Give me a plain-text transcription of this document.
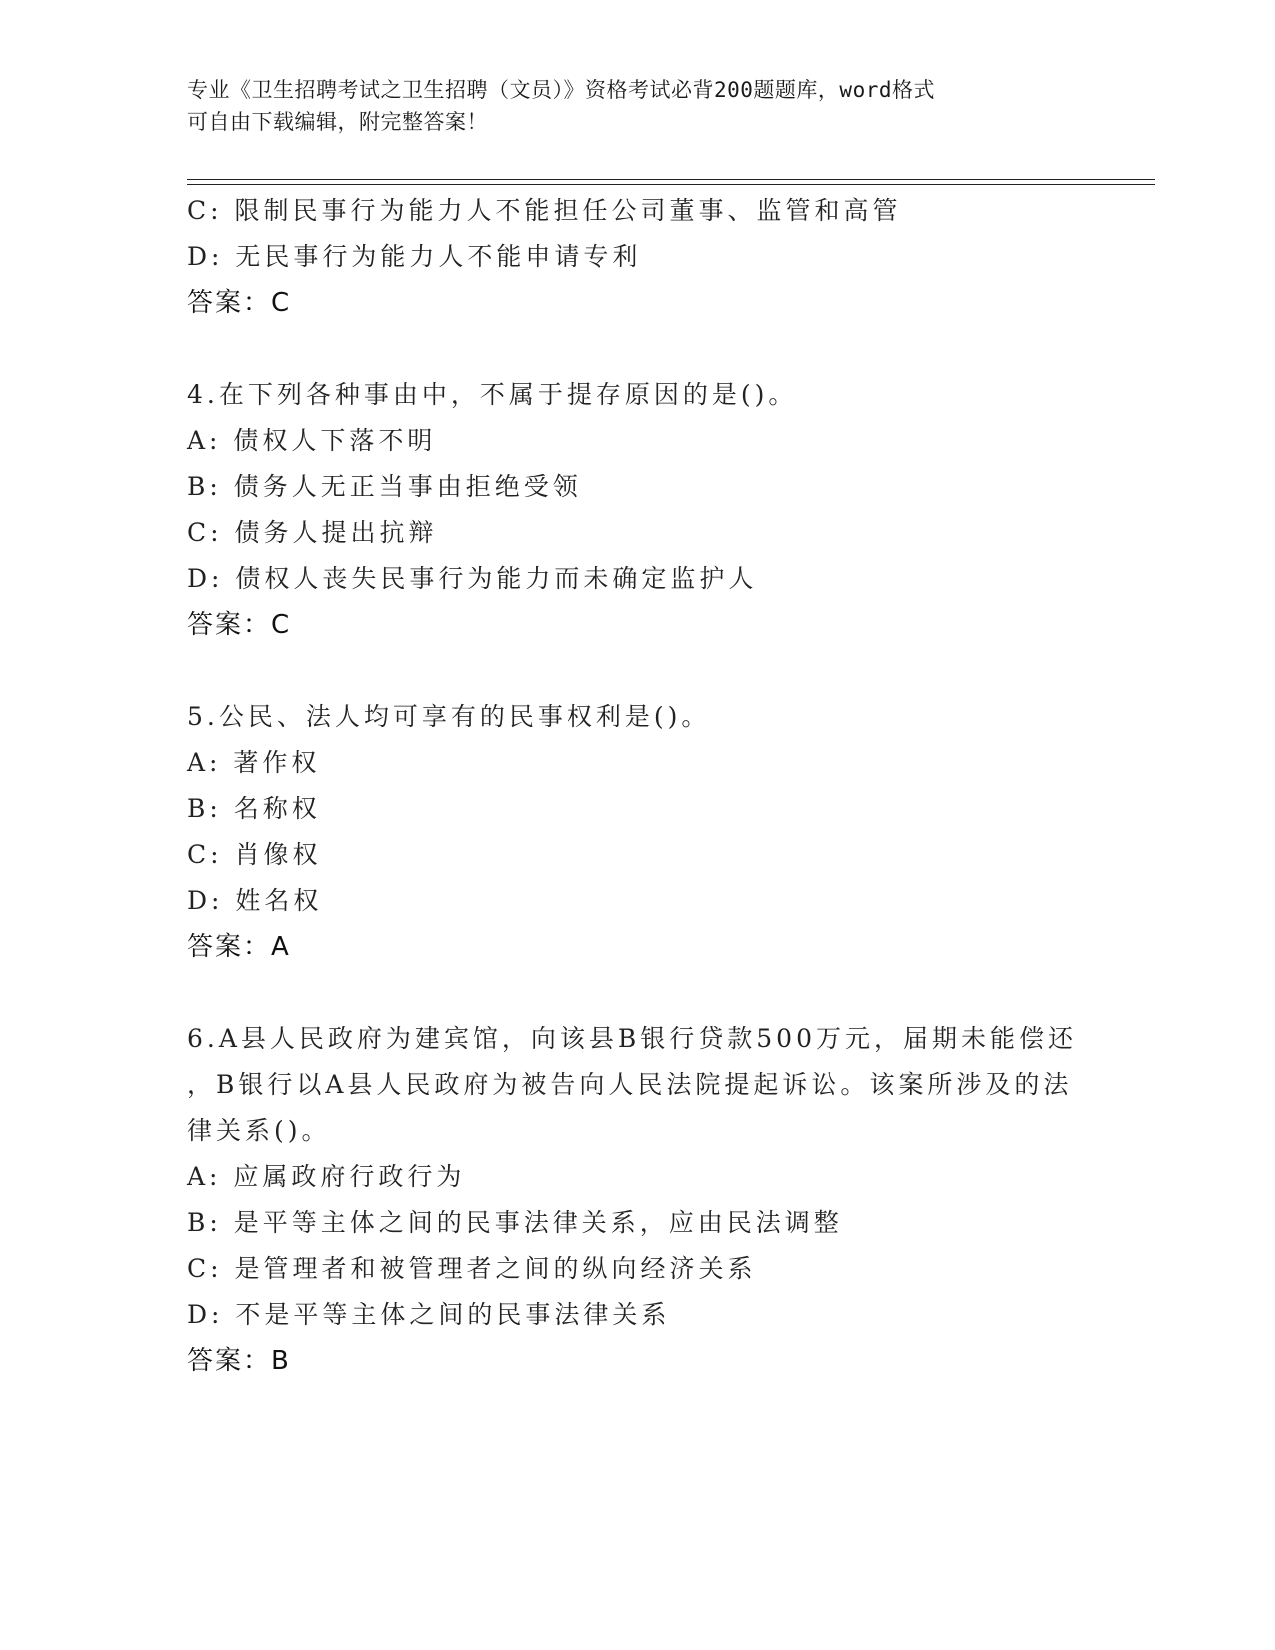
专业《卫生招聘考试之卫生招聘（文员）》资格考试必背200题题库，word格式
可自由下载编辑，附完整答案！
C: 限制民事行为能力人不能担任公司董事、监管和高管
D: 无民事行为能力人不能申请专利
答案：C
4.在下列各种事由中，不属于提存原因的是()。
A: 债权人下落不明
B: 债务人无正当事由拒绝受领
C: 债务人提出抗辩
D: 债权人丧失民事行为能力而未确定监护人
答案：C
5.公民、法人均可享有的民事权利是()。
A: 著作权
B: 名称权
C: 肖像权
D: 姓名权
答案：A
6.A县人民政府为建宾馆，向该县B银行贷款500万元，届期未能偿还
，B银行以A县人民政府为被告向人民法院提起诉讼。该案所涉及的法
律关系()。
A: 应属政府行政行为
B: 是平等主体之间的民事法律关系，应由民法调整
C: 是管理者和被管理者之间的纵向经济关系
D: 不是平等主体之间的民事法律关系
答案：B
